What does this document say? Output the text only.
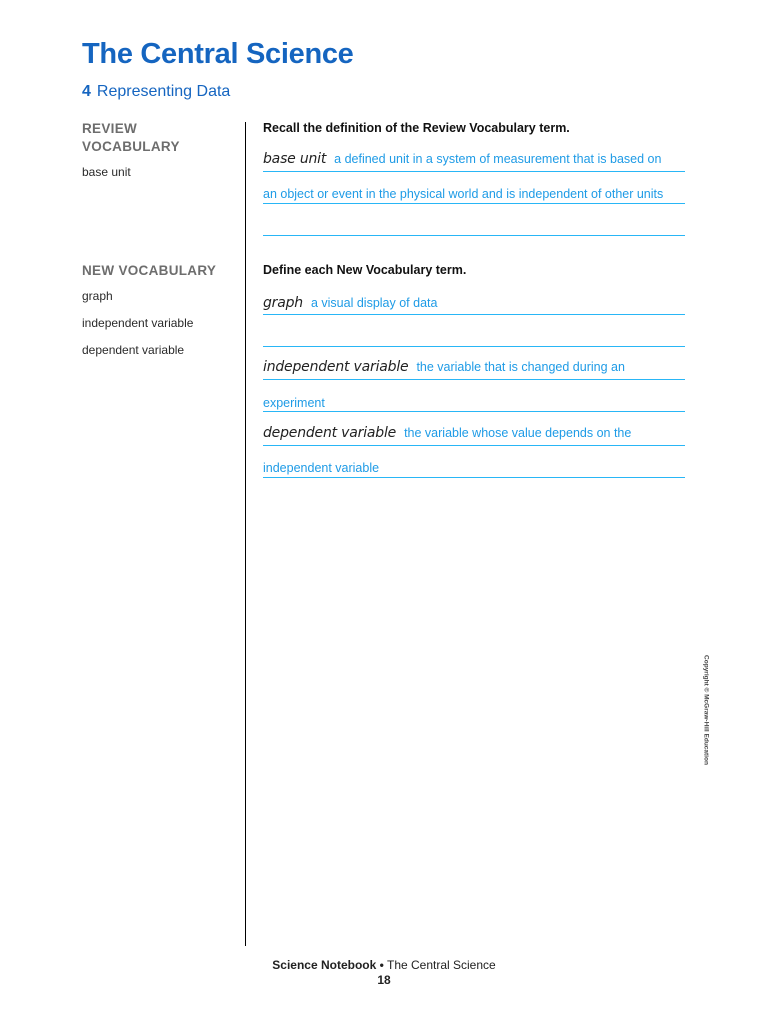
The Central Science
4 Representing Data
REVIEW
VOCABULARY
base unit
NEW VOCABULARY
graph
independent variable
dependent variable
Recall the definition of the Review Vocabulary term.
base unit a defined unit in a system of measurement that is based on
an object or event in the physical world and is independent of other units
Define each New Vocabulary term.
graph a visual display of data
independent variable the variable that is changed during an
experiment
dependent variable the variable whose value depends on the
independent variable
Copyright © McGraw-Hill Education
Science Notebook • The Central Science
18
